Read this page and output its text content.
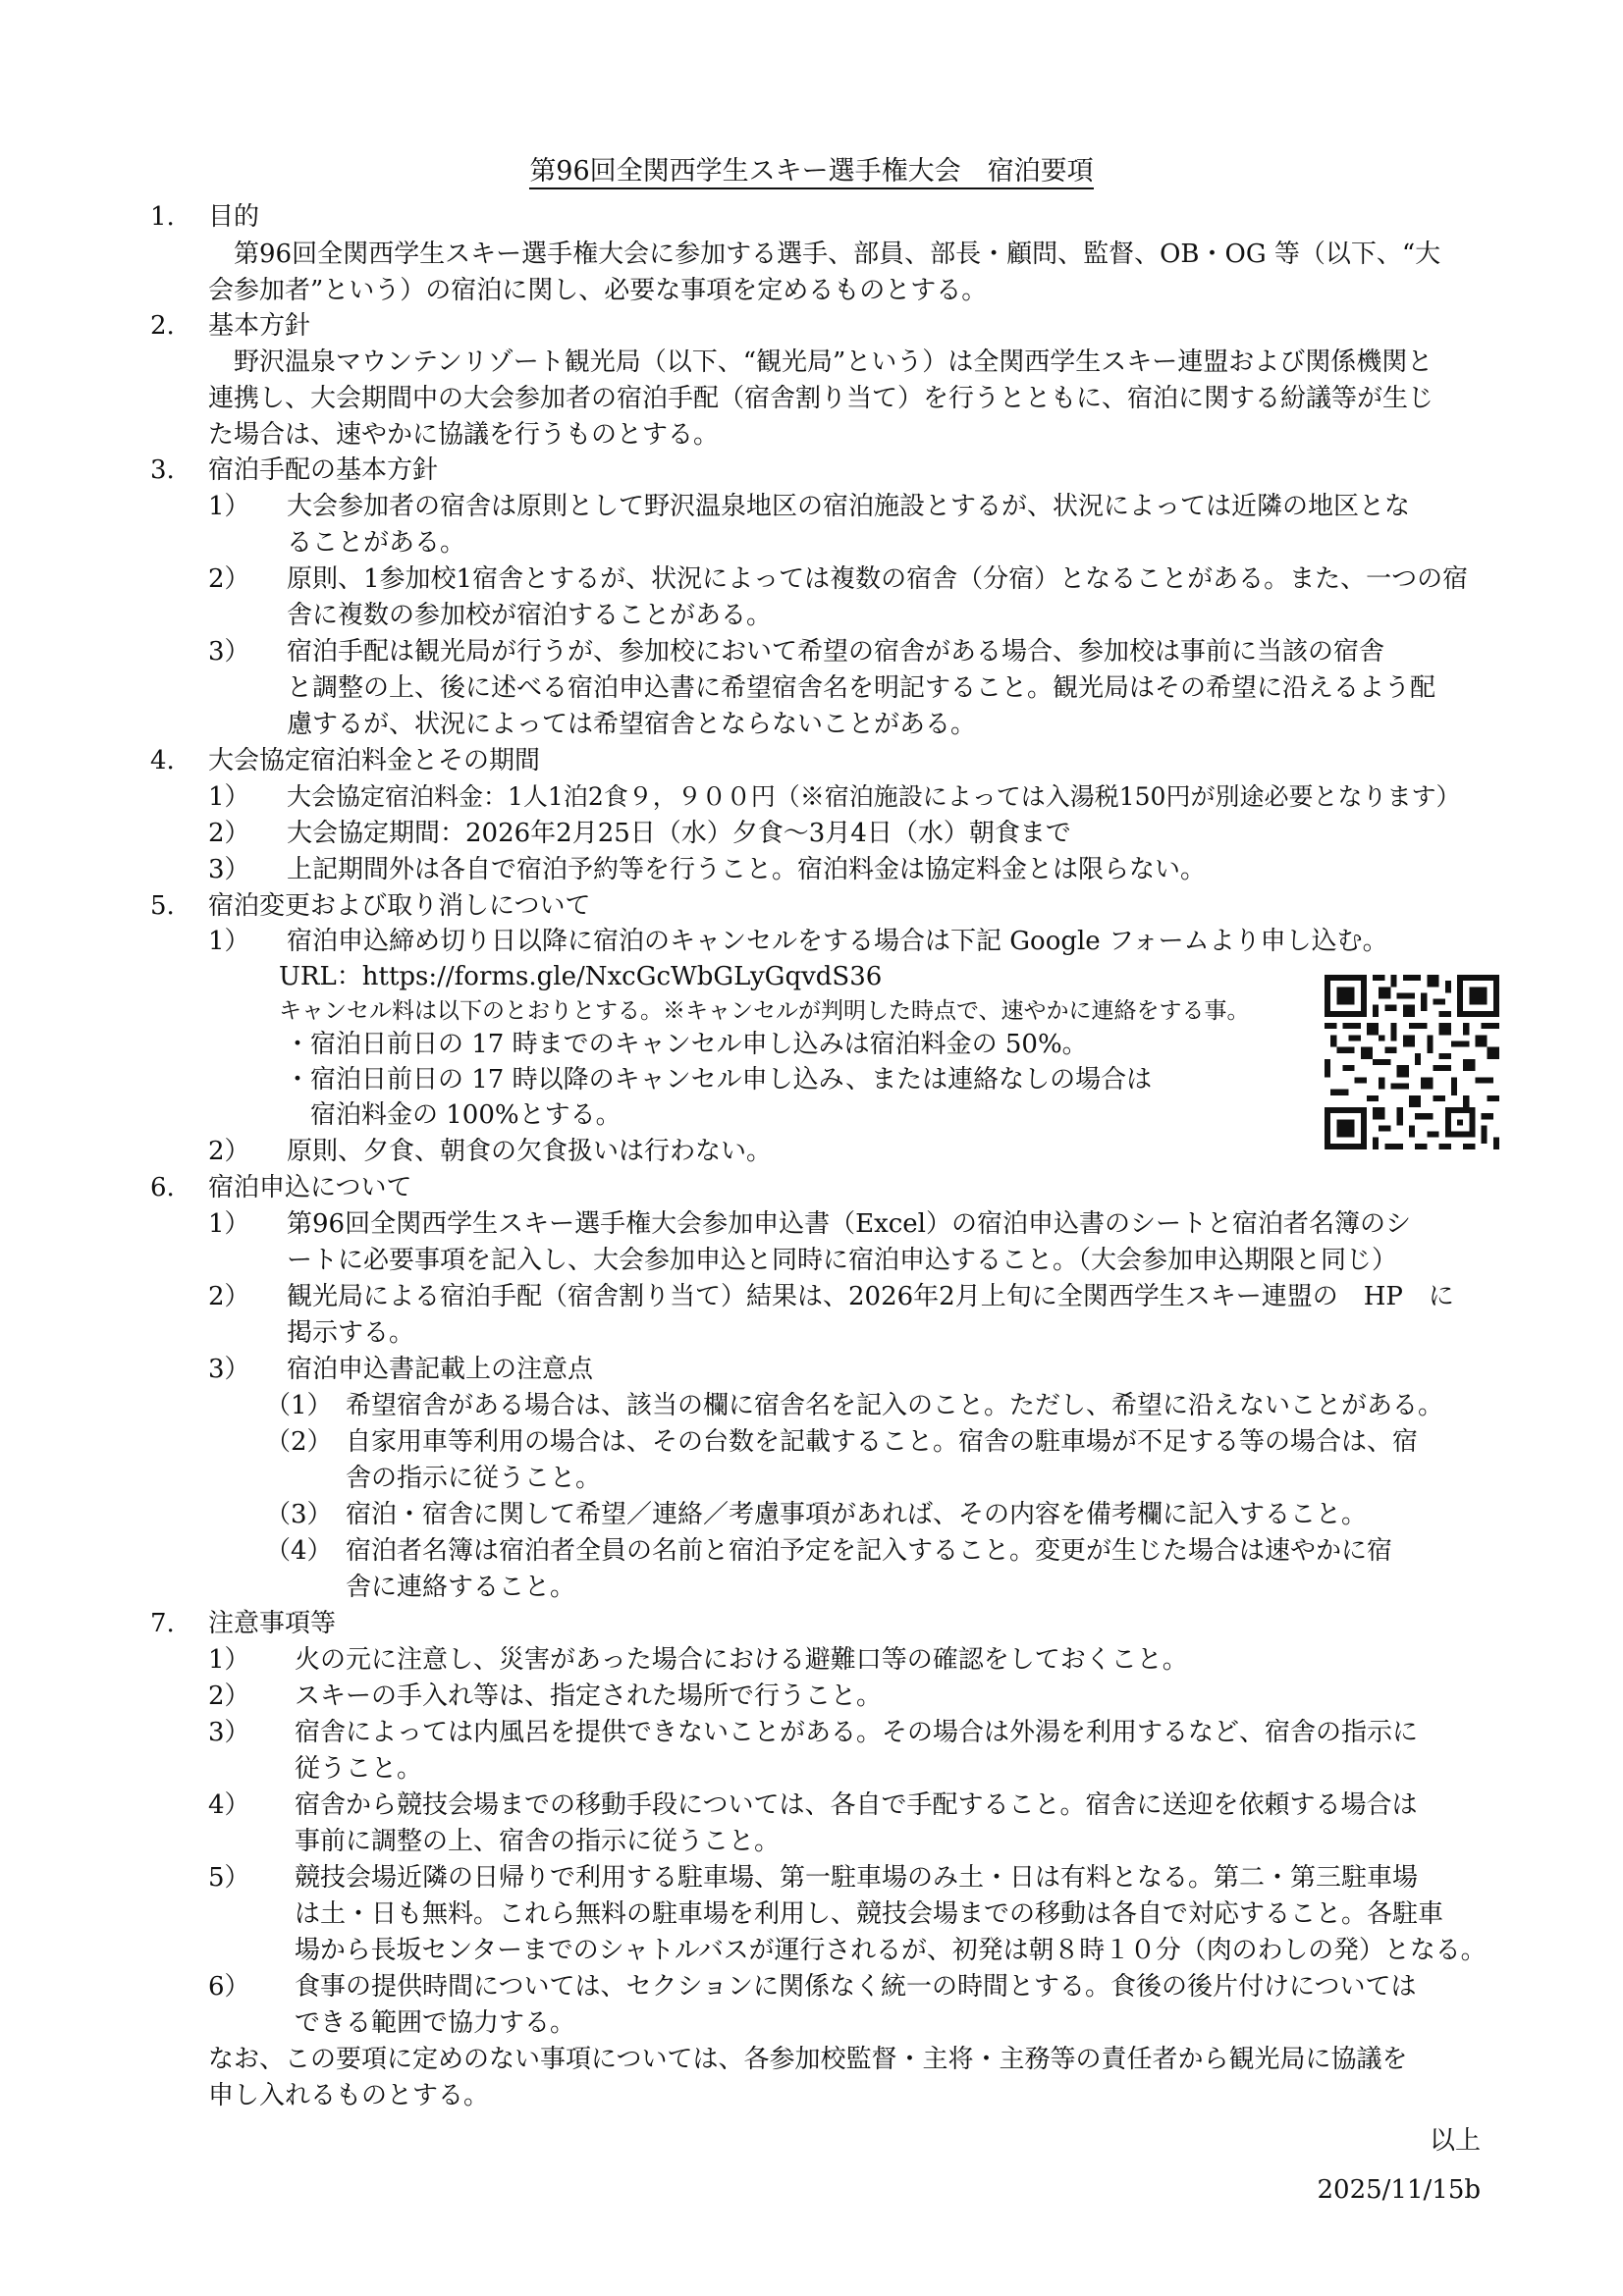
第96回全関西学生スキー選手権大会　宿泊要項
1. 目的
　第96回全関西学生スキー選手権大会に参加する選手、部員、部長・顧問、監督、OB・OG 等（以下、“大
会参加者”という）の宿泊に関し、必要な事項を定めるものとする。
2. 基本方針
　野沢温泉マウンテンリゾート観光局（以下、“観光局”という）は全関西学生スキー連盟および関係機関と
連携し、大会期間中の大会参加者の宿泊手配（宿舎割り当て）を行うとともに、宿泊に関する紛議等が生じ
た場合は、速やかに協議を行うものとする。
3. 宿泊手配の基本方針
1） 大会参加者の宿舎は原則として野沢温泉地区の宿泊施設とするが、状況によっては近隣の地区とな
ることがある。
2） 原則、1参加校1宿舎とするが、状況によっては複数の宿舎（分宿）となることがある。また、一つの宿
舎に複数の参加校が宿泊することがある。
3） 宿泊手配は観光局が行うが、参加校において希望の宿舎がある場合、参加校は事前に当該の宿舎
と調整の上、後に述べる宿泊申込書に希望宿舎名を明記すること。観光局はその希望に沿えるよう配
慮するが、状況によっては希望宿舎とならないことがある。
4. 大会協定宿泊料金とその期間
1） 大会協定宿泊料金：1人1泊2食９，９００円（※宿泊施設によっては入湯税150円が別途必要となります）
2） 大会協定期間：2026年2月25日（水）夕食～3月4日（水）朝食まで
3） 上記期間外は各自で宿泊予約等を行うこと。宿泊料金は協定料金とは限らない。
5. 宿泊変更および取り消しについて
1） 宿泊申込締め切り日以降に宿泊のキャンセルをする場合は下記 Google フォームより申し込む。
URL：https://forms.gle/NxcGcWbGLyGqvdS36
キャンセル料は以下のとおりとする。※キャンセルが判明した時点で、速やかに連絡をする事。
・宿泊日前日の 17 時までのキャンセル申し込みは宿泊料金の 50%。
・宿泊日前日の 17 時以降のキャンセル申し込み、または連絡なしの場合は
　宿泊料金の 100%とする。
2） 原則、夕食、朝食の欠食扱いは行わない。
6. 宿泊申込について
1） 第96回全関西学生スキー選手権大会参加申込書（Excel）の宿泊申込書のシートと宿泊者名簿のシ
ートに必要事項を記入し、大会参加申込と同時に宿泊申込すること。（大会参加申込期限と同じ）
2） 観光局による宿泊手配（宿舎割り当て）結果は、2026年2月上旬に全関西学生スキー連盟の　HP　に
掲示する。
3） 宿泊申込書記載上の注意点
（1） 希望宿舎がある場合は、該当の欄に宿舎名を記入のこと。ただし、希望に沿えないことがある。
（2） 自家用車等利用の場合は、その台数を記載すること。宿舎の駐車場が不足する等の場合は、宿
舎の指示に従うこと。
（3） 宿泊・宿舎に関して希望／連絡／考慮事項があれば、その内容を備考欄に記入すること。
（4） 宿泊者名簿は宿泊者全員の名前と宿泊予定を記入すること。変更が生じた場合は速やかに宿
舎に連絡すること。
7. 注意事項等
1） 火の元に注意し、災害があった場合における避難口等の確認をしておくこと。
2） スキーの手入れ等は、指定された場所で行うこと。
3） 宿舎によっては内風呂を提供できないことがある。その場合は外湯を利用するなど、宿舎の指示に
従うこと。
4） 宿舎から競技会場までの移動手段については、各自で手配すること。宿舎に送迎を依頼する場合は
事前に調整の上、宿舎の指示に従うこと。
5） 競技会場近隣の日帰りで利用する駐車場、第一駐車場のみ土・日は有料となる。第二・第三駐車場
は土・日も無料。これら無料の駐車場を利用し、競技会場までの移動は各自で対応すること。各駐車
場から長坂センターまでのシャトルバスが運行されるが、初発は朝８時１０分（肉のわしの発）となる。
6） 食事の提供時間については、セクションに関係なく統一の時間とする。食後の後片付けについては
できる範囲で協力する。
なお、この要項に定めのない事項については、各参加校監督・主将・主務等の責任者から観光局に協議を
申し入れるものとする。
以上
2025/11/15b
